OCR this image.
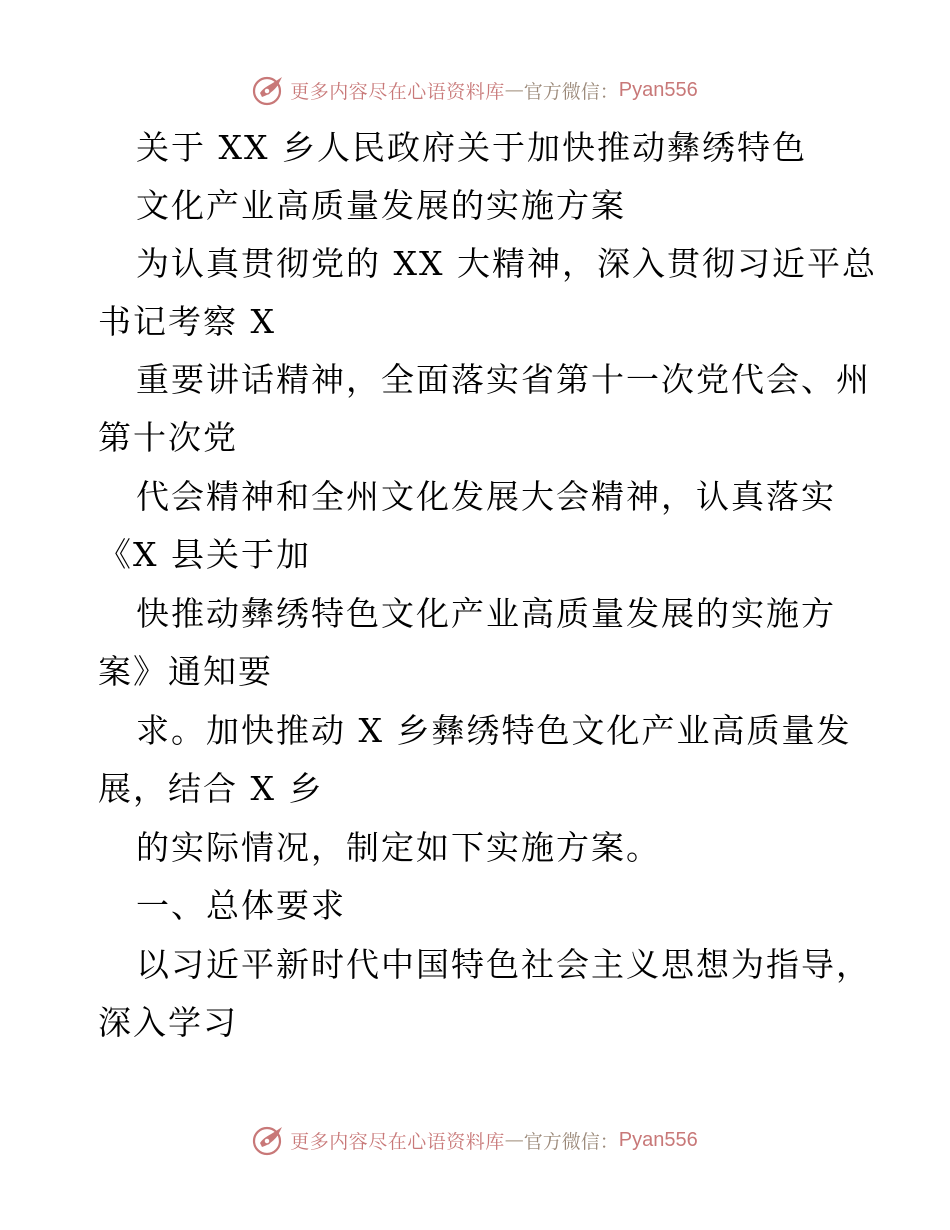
更多内容尽在心语资料库 — 官方微信： Pyan556
关于 XX 乡人民政府关于加快推动彝绣特色
文化产业高质量发展的实施方案
为认真贯彻党的 XX 大精神，深入贯彻习近平总
书记考察 X
重要讲话精神，全面落实省第十一次党代会、州
第十次党
代会精神和全州文化发展大会精神，认真落实
《X 县关于加
快推动彝绣特色文化产业高质量发展的实施方
案》通知要
求。加快推动 X 乡彝绣特色文化产业高质量发
展，结合 X 乡
的实际情况，制定如下实施方案。
一、总体要求
以习近平新时代中国特色社会主义思想为指导，
深入学习
更多内容尽在心语资料库 — 官方微信： Pyan556
